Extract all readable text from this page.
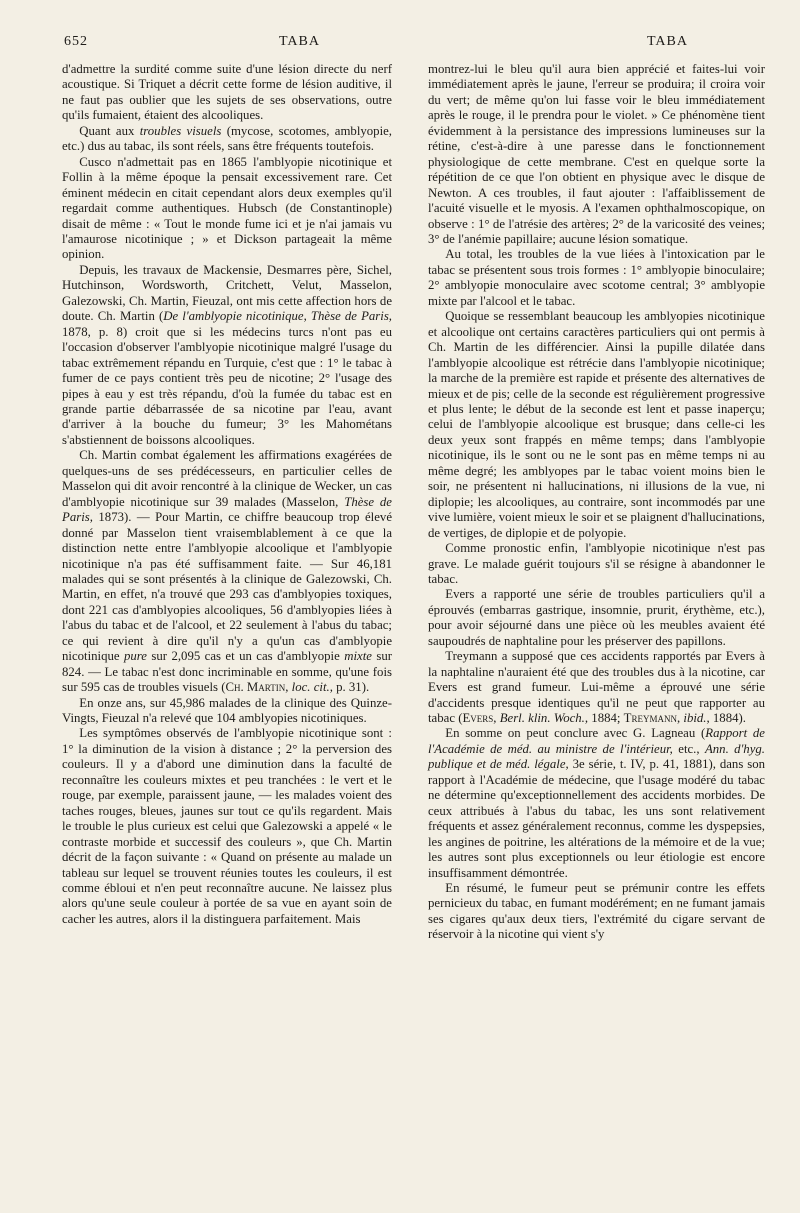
652	TABA	TABA

d'admettre la surdité comme suite d'une lésion directe du nerf acoustique. Si Triquet a décrit cette forme de lésion auditive, il ne faut pas oublier que les sujets de ses observations, outre qu'ils fumaient, étaient des alcooliques.

Quant aux troubles visuels (mycose, scotomes, amblyopie, etc.) dus au tabac, ils sont réels, sans être fréquents toutefois.

Cusco n'admettait pas en 1865 l'amblyopie nicotinique et Follin à la même époque la pensait excessivement rare. Cet éminent médecin en citait cependant alors deux exemples qu'il regardait comme authentiques. Hubsch (de Constantinople) disait de même : « Tout le monde fume ici et je n'ai jamais vu l'amaurose nicotinique ; » et Dickson partageait la même opinion.

Depuis, les travaux de Mackensie, Desmarres père, Sichel, Hutchinson, Wordsworth, Critchett, Velut, Masselon, Galezowski, Ch. Martin, Fieuzal, ont mis cette affection hors de doute. Ch. Martin (De l'amblyopie nicotinique, Thèse de Paris, 1878, p. 8) croit que si les médecins turcs n'ont pas eu l'occasion d'observer l'amblyopie nicotinique malgré l'usage du tabac extrêmement répandu en Turquie, c'est que : 1° le tabac à fumer de ce pays contient très peu de nicotine; 2° l'usage des pipes à eau y est très répandu, d'où la fumée du tabac est en grande partie débarrassée de sa nicotine par l'eau, avant d'arriver à la bouche du fumeur; 3° les Mahométans s'abstiennent de boissons alcooliques.

Ch. Martin combat également les affirmations exagérées de quelques-uns de ses prédécesseurs, en particulier celles de Masselon qui dit avoir rencontré à la clinique de Wecker, un cas d'amblyopie nicotinique sur 39 malades (Masselon, Thèse de Paris, 1873). — Pour Martin, ce chiffre beaucoup trop élevé donné par Masselon tient vraisemblablement à ce que la distinction nette entre l'amblyopie alcoolique et l'amblyopie nicotinique n'a pas été suffisamment faite. — Sur 46,181 malades qui se sont présentés à la clinique de Galezowski, Ch. Martin, en effet, n'a trouvé que 293 cas d'amblyopies toxiques, dont 221 cas d'amblyopies alcooliques, 56 d'amblyopies liées à l'abus du tabac et de l'alcool, et 22 seulement à l'abus du tabac; ce qui revient à dire qu'il n'y a qu'un cas d'amblyopie nicotinique pure sur 2,095 cas et un cas d'amblyopie mixte sur 824. — Le tabac n'est donc incriminable en somme, qu'une fois sur 595 cas de troubles visuels (Ch. Martin, loc. cit., p. 31).

En onze ans, sur 45,986 malades de la clinique des Quinze-Vingts, Fieuzal n'a relevé que 104 amblyopies nicotiniques.

Les symptômes observés de l'amblyopie nicotinique sont : 1° la diminution de la vision à distance ; 2° la perversion des couleurs. Il y a d'abord une diminution dans la faculté de reconnaître les couleurs mixtes et peu tranchées : le vert et le rouge, par exemple, paraissent jaune, — les malades voient des taches rouges, bleues, jaunes sur tout ce qu'ils regardent. Mais le trouble le plus curieux est celui que Galezowski a appelé « le contraste morbide et successif des couleurs », que Ch. Martin décrit de la façon suivante : « Quand on présente au malade un tableau sur lequel se trouvent réunies toutes les couleurs, il est comme ébloui et n'en peut reconnaître aucune. Ne laissez plus alors qu'une seule couleur à portée de sa vue en ayant soin de cacher les autres, alors il la distinguera parfaitement. Mais

montrez-lui le bleu qu'il aura bien apprécié et faites-lui voir immédiatement après le jaune, l'erreur se produira; il croira voir du vert; de même qu'on lui fasse voir le bleu immédiatement après le rouge, il le prendra pour le violet. » Ce phénomène tient évidemment à la persistance des impressions lumineuses sur la rétine, c'est-à-dire à une paresse dans le fonctionnement physiologique de cette membrane. C'est en quelque sorte la répétition de ce que l'on obtient en physique avec le disque de Newton. A ces troubles, il faut ajouter : l'affaiblissement de l'acuité visuelle et le myosis. A l'examen ophthalmoscopique, on observe : 1° de l'atrésie des artères; 2° de la varicosité des veines; 3° de l'anémie papillaire; aucune lésion somatique.

Au total, les troubles de la vue liées à l'intoxication par le tabac se présentent sous trois formes : 1° amblyopie binoculaire; 2° amblyopie monoculaire avec scotome central; 3° amblyopie mixte par l'alcool et le tabac.

Quoique se ressemblant beaucoup les amblyopies nicotinique et alcoolique ont certains caractères particuliers qui ont permis à Ch. Martin de les différencier. Ainsi la pupille dilatée dans l'amblyopie alcoolique est rétrécie dans l'amblyopie nicotinique; la marche de la première est rapide et présente des alternatives de mieux et de pis; celle de la seconde est régulièrement progressive et plus lente; le début de la seconde est lent et passe inaperçu; celui de l'amblyopie alcoolique est brusque; dans celle-ci les deux yeux sont frappés en même temps; dans l'amblyopie nicotinique, ils le sont ou ne le sont pas en même temps ni au même degré; les amblyopes par le tabac voient moins bien le soir, ne présentent ni hallucinations, ni illusions de la vue, ni diplopie; les alcooliques, au contraire, sont incommodés par une vive lumière, voient mieux le soir et se plaignent d'hallucinations, de vertiges, de diplopie et de polyopie.

Comme pronostic enfin, l'amblyopie nicotinique n'est pas grave. Le malade guérit toujours s'il se résigne à abandonner le tabac.

Evers a rapporté une série de troubles particuliers qu'il a éprouvés (embarras gastrique, insomnie, prurit, érythème, etc.), pour avoir séjourné dans une pièce où les meubles avaient été saupoudrés de naphtaline pour les préserver des papillons.

Treymann a supposé que ces accidents rapportés par Evers à la naphtaline n'auraient été que des troubles dus à la nicotine, car Evers est grand fumeur. Lui-même a éprouvé une série d'accidents presque identiques qu'il ne peut que rapporter au tabac (Evers, Berl. klin. Woch., 1884; Treymann, ibid., 1884).

En somme on peut conclure avec G. Lagneau (Rapport de l'Académie de méd. au ministre de l'intérieur, etc., Ann. d'hyg. publique et de méd. légale, 3e série, t. IV, p. 41, 1881), dans son rapport à l'Académie de médecine, que l'usage modéré du tabac ne détermine qu'exceptionnellement des accidents morbides. De ceux attribués à l'abus du tabac, les uns sont relativement fréquents et assez généralement reconnus, comme les dyspepsies, les angines de poitrine, les altérations de la mémoire et de la vue; les autres sont plus exceptionnels ou leur étiologie est encore insuffisamment démontrée.

En résumé, le fumeur peut se prémunir contre les effets pernicieux du tabac, en fumant modérément; en ne fumant jamais ses cigares qu'aux deux tiers, l'extrémité du cigare servant de réservoir à la nicotine qui vient s'y
